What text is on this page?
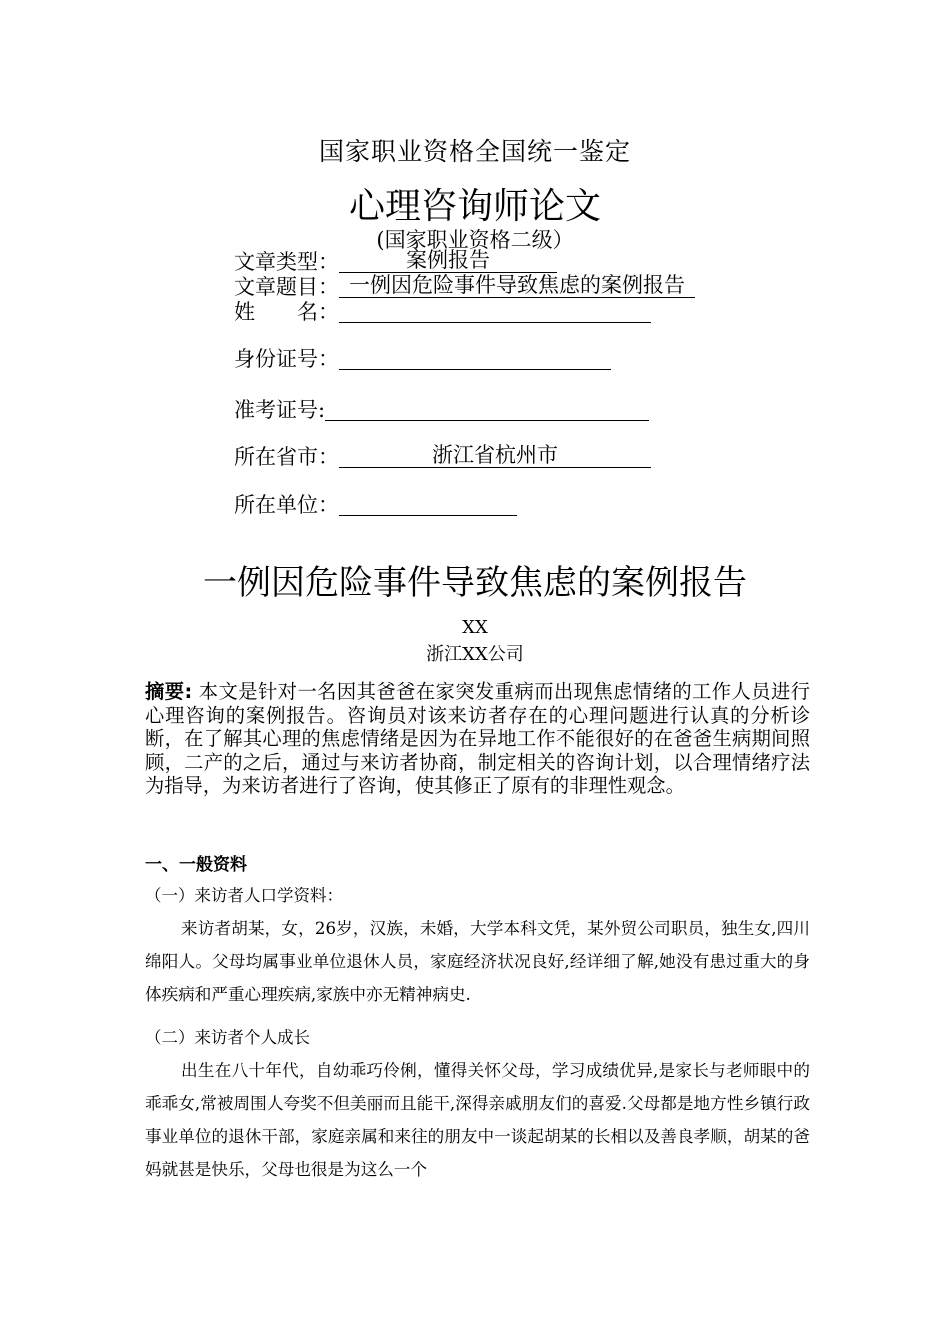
国家职业资格全国统一鉴定
心理咨询师论文
(国家职业资格二级）
文章类型：	案例报告
文章题目： 一例因危险事件导致焦虑的案例报告
姓　　名：
身份证号：
准考证号:
所在省市：	浙江省杭州市
所在单位：
一例因危险事件导致焦虑的案例报告
XX
浙江XX公司
摘要: 本文是针对一名因其爸爸在家突发重病而出现焦虑情绪的工作人员进行心理咨询的案例报告。咨询员对该来访者存在的心理问题进行认真的分析诊断，在了解其心理的焦虑情绪是因为在异地工作不能很好的在爸爸生病期间照顾，二产的之后，通过与来访者协商，制定相关的咨询计划，以合理情绪疗法为指导，为来访者进行了咨询，使其修正了原有的非理性观念。
一、一般资料
（一）来访者人口学资料：
来访者胡某，女，26岁，汉族，未婚，大学本科文凭，某外贸公司职员，独生女,四川绵阳人。父母均属事业单位退休人员，家庭经济状况良好,经详细了解,她没有患过重大的身体疾病和严重心理疾病,家族中亦无精神病史.
（二）来访者个人成长
出生在八十年代，自幼乖巧伶俐，懂得关怀父母，学习成绩优异,是家长与老师眼中的乖乖女,常被周围人夸奖不但美丽而且能干,深得亲戚朋友们的喜爱.父母都是地方性乡镇行政事业单位的退休干部，家庭亲属和来往的朋友中一谈起胡某的长相以及善良孝顺，胡某的爸妈就甚是快乐，父母也很是为这么一个
